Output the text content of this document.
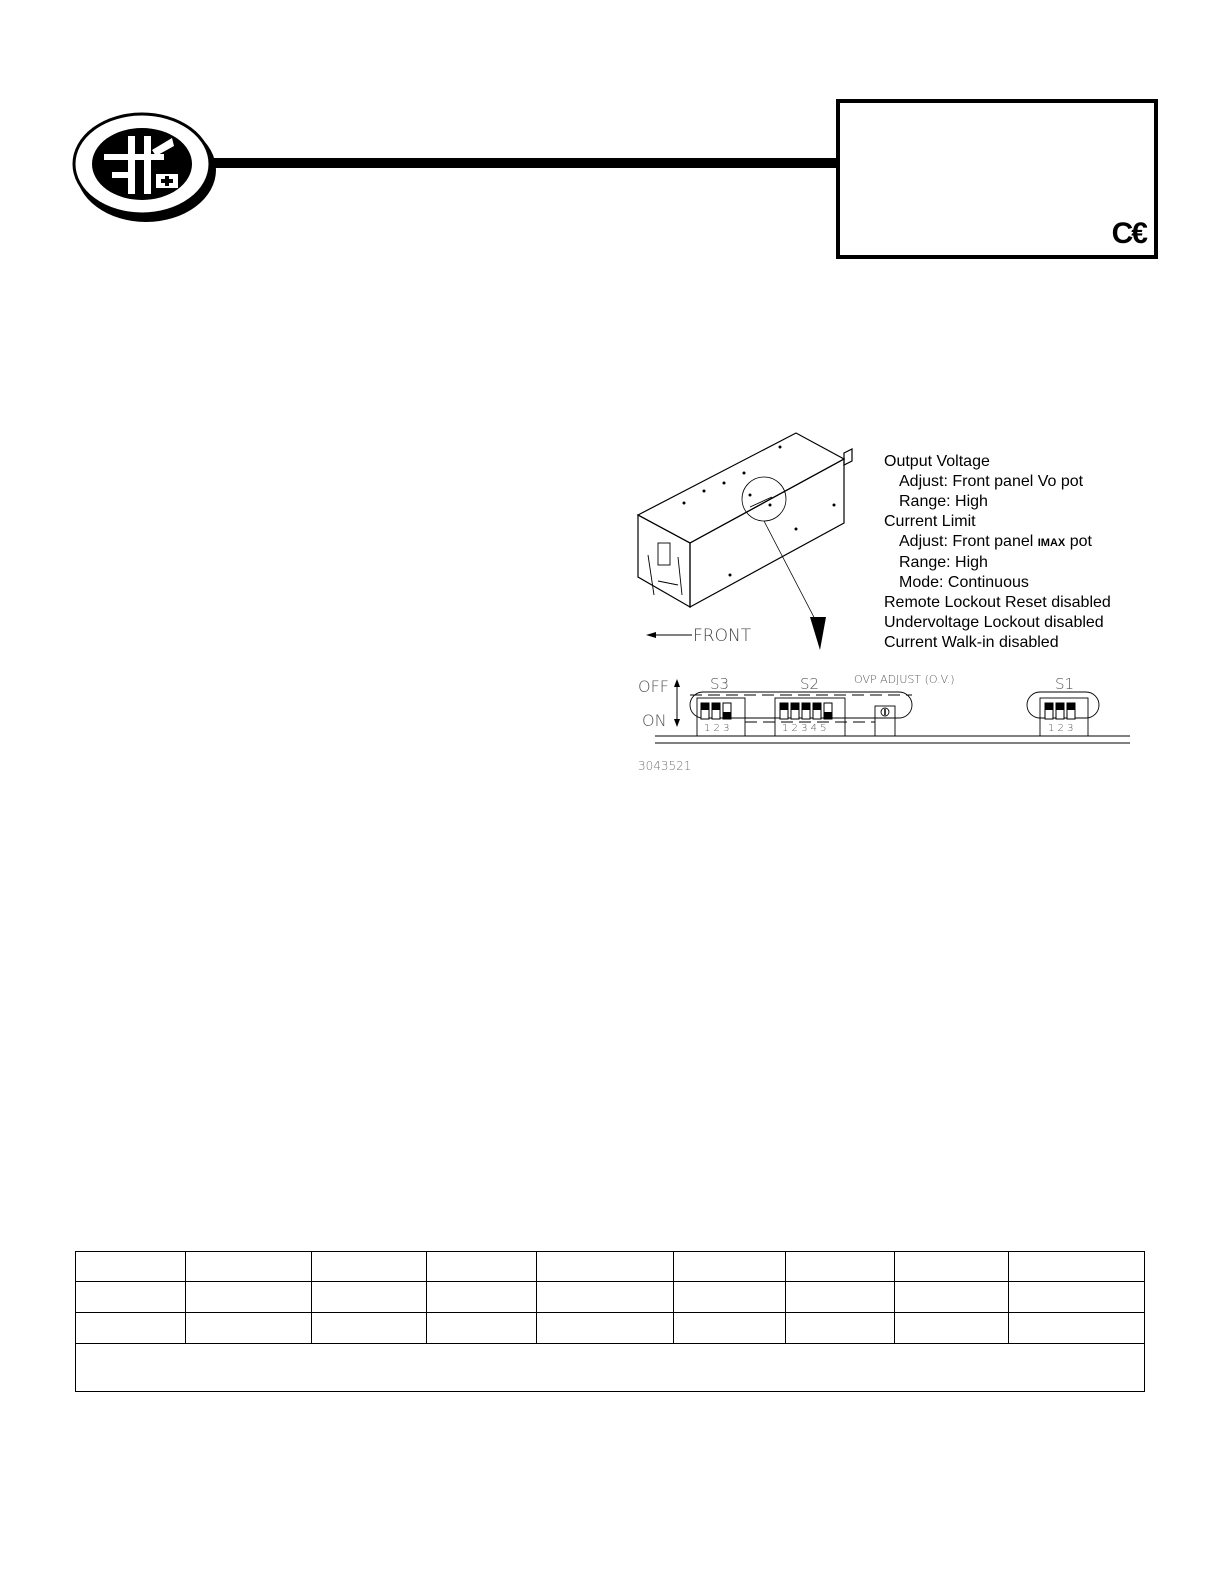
C€
FRONT
Output Voltage
Adjust: Front panel Vo pot
Range: High
Current Limit
Adjust: Front panel IMAX pot
Range: High
Mode: Continuous
Remote Lockout Reset disabled
Undervoltage Lockout disabled
Current Walk-in disabled
OFF
ON
S3	S2	OVP ADJUST (O.V.)	S1
1 2 3	1 2 3 4 5	1 2 3
3043521
